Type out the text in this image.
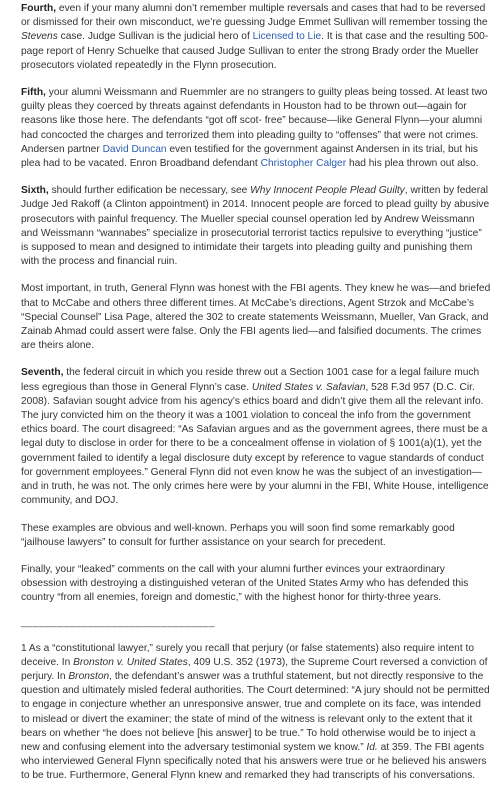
Fourth, even if your many alumni don’t remember multiple reversals and cases that had to be reversed or dismissed for their own misconduct, we’re guessing Judge Emmet Sullivan will remember tossing the Stevens case. Judge Sullivan is the judicial hero of Licensed to Lie. It is that case and the resulting 500-page report of Henry Schuelke that caused Judge Sullivan to enter the strong Brady order the Mueller prosecutors violated repeatedly in the Flynn prosecution.

Fifth, your alumni Weissmann and Ruemmler are no strangers to guilty pleas being tossed. At least two guilty pleas they coerced by threats against defendants in Houston had to be thrown out—again for reasons like those here. The defendants “got off scot- free” because—like General Flynn—your alumni had concocted the charges and terrorized them into pleading guilty to “offenses” that were not crimes. Andersen partner David Duncan even testified for the government against Andersen in its trial, but his plea had to be vacated. Enron Broadband defendant Christopher Calger had his plea thrown out also.

Sixth, should further edification be necessary, see Why Innocent People Plead Guilty, written by federal Judge Jed Rakoff (a Clinton appointment) in 2014. Innocent people are forced to plead guilty by abusive prosecutors with painful frequency. The Mueller special counsel operation led by Andrew Weissmann and Weissmann “wannabes” specialize in prosecutorial terrorist tactics repulsive to everything “justice” is supposed to mean and designed to intimidate their targets into pleading guilty and punishing them with the process and financial ruin.

Most important, in truth, General Flynn was honest with the FBI agents. They knew he was—and briefed that to McCabe and others three different times. At McCabe’s directions, Agent Strzok and McCabe’s “Special Counsel” Lisa Page, altered the 302 to create statements Weissmann, Mueller, Van Grack, and Zainab Ahmad could assert were false. Only the FBI agents lied—and falsified documents. The crimes are theirs alone.

Seventh, the federal circuit in which you reside threw out a Section 1001 case for a legal failure much less egregious than those in General Flynn’s case. United States v. Safavian, 528 F.3d 957 (D.C. Cir. 2008). Safavian sought advice from his agency’s ethics board and didn’t give them all the relevant info. The jury convicted him on the theory it was a 1001 violation to conceal the info from the government ethics board. The court disagreed: “As Safavian argues and as the government agrees, there must be a legal duty to disclose in order for there to be a concealment offense in violation of § 1001(a)(1), yet the government failed to identify a legal disclosure duty except by reference to vague standards of conduct for government employees.” General Flynn did not even know he was the subject of an investigation—and in truth, he was not. The only crimes here were by your alumni in the FBI, White House, intelligence community, and DOJ.

These examples are obvious and well-known. Perhaps you will soon find some remarkably good “jailhouse lawyers” to consult for further assistance on your search for precedent.

Finally, your “leaked” comments on the call with your alumni further evinces your extraordinary obsession with destroying a distinguished veteran of the United States Army who has defended this country “from all enemies, foreign and domestic,” with the highest honor for thirty-three years.

________________________________

1 As a “constitutional lawyer,” surely you recall that perjury (or false statements) also require intent to deceive. In Bronston v. United States, 409 U.S. 352 (1973), the Supreme Court reversed a conviction of perjury. In Bronston, the defendant’s answer was a truthful statement, but not directly responsive to the question and ultimately misled federal authorities. The Court determined: “A jury should not be permitted to engage in conjecture whether an unresponsive answer, true and complete on its face, was intended to mislead or divert the examiner; the state of mind of the witness is relevant only to the extent that it bears on whether “he does not believe [his answer] to be true.” To hold otherwise would be to inject a new and confusing element into the adversary testimonial system we know.” Id. at 359. The FBI agents who interviewed General Flynn specifically noted that his answers were true or he believed his answers to be true. Furthermore, General Flynn knew and remarked they had transcripts of his conversations.
